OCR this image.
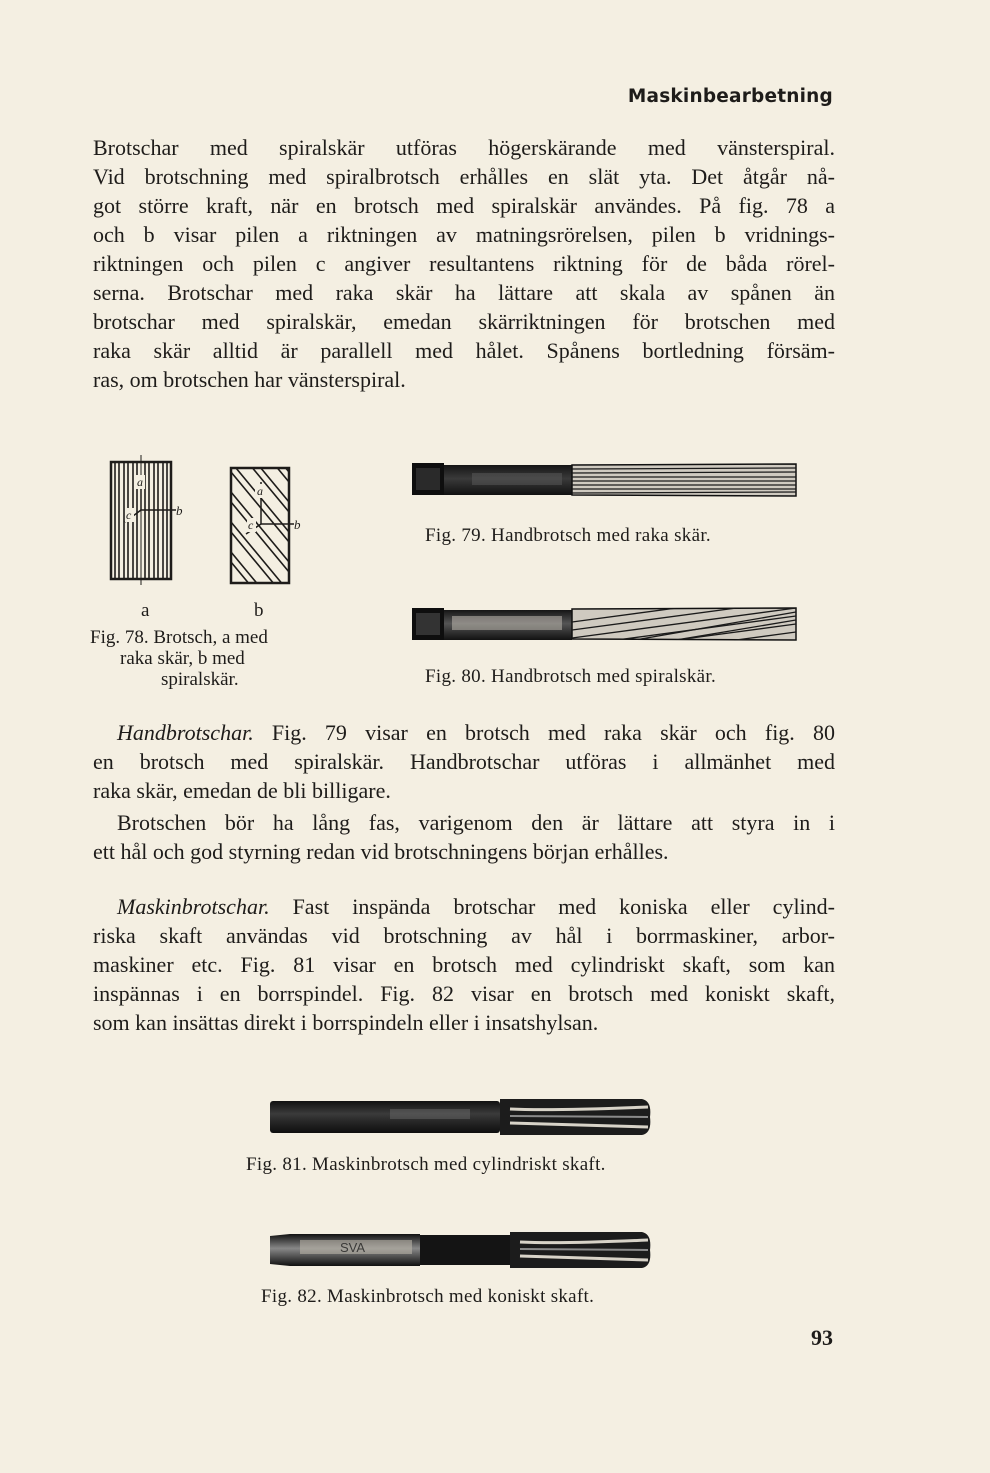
Maskinbearbetning
Brotschar med spiralskär utföras högerskärande med vänsterspiral.
Vid brotschning med spiralbrotsch erhålles en slät yta. Det åtgår nå-
got större kraft, när en brotsch med spiralskär användes. På fig. 78 a
och b visar pilen a riktningen av matningsrörelsen, pilen b vridnings-
riktningen och pilen c angiver resultantens riktning för de båda rörel-
serna. Brotschar med raka skär ha lättare att skala av spånen än
brotschar med spiralskär, emedan skärriktningen för brotschen med
raka skär alltid är parallell med hålet. Spånens bortledning försäm-
ras, om brotschen har vänsterspiral.
a
c	b
a
c	b
a	b
Fig. 78. Brotsch, a med
raka skär, b med
spiralskär.
Fig. 79. Handbrotsch med raka skär.
Fig. 80. Handbrotsch med spiralskär.
Handbrotschar. Fig. 79 visar en brotsch med raka skär och fig. 80
en brotsch med spiralskär. Handbrotschar utföras i allmänhet med
raka skär, emedan de bli billigare.
Brotschen bör ha lång fas, varigenom den är lättare att styra in i
ett hål och god styrning redan vid brotschningens början erhålles.
Maskinbrotschar. Fast inspända brotschar med koniska eller cylind-
riska skaft användas vid brotschning av hål i borrmaskiner, arbor-
maskiner etc. Fig. 81 visar en brotsch med cylindriskt skaft, som kan
inspännas i en borrspindel. Fig. 82 visar en brotsch med koniskt skaft,
som kan insättas direkt i borrspindeln eller i insatshylsan.
Fig. 81. Maskinbrotsch med cylindriskt skaft.
SVA
Fig. 82. Maskinbrotsch med koniskt skaft.
93
